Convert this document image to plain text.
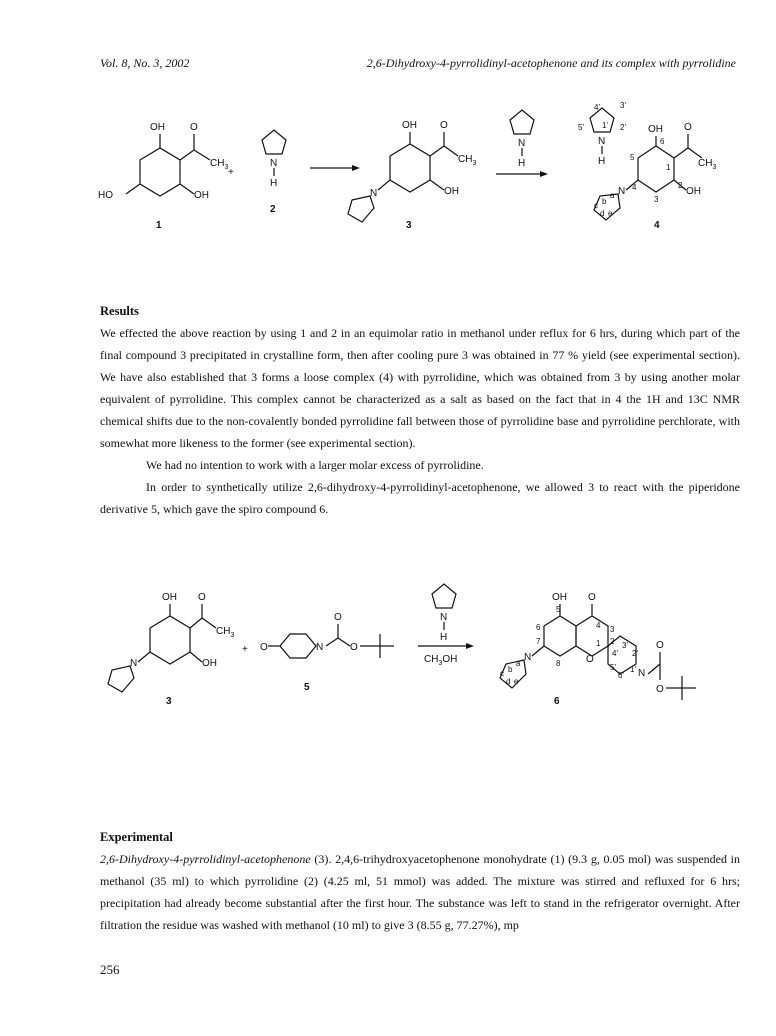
Vol. 8, No. 3, 2002	2,6-Dihydroxy-4-pyrrolidinyl-acetophenone and its complex with pyrrolidine
OH	O
$CH_3$
HO	OH
1
+
N
H
2
OH O
$CH_3$
OH
N
3
N
H
4'	3'
5' 1' 2'
N
H
OH
6
5
1
4
3
2
O
$CH_3$
OH
N
b
a
c
d e
4
Results
We effected the above reaction by using 1 and 2 in an equimolar ratio in methanol under reflux for 6 hrs, during which part of the final compound 3 precipitated in crystalline form, then after cooling pure 3 was obtained in 77 % yield (see experimental section). We have also established that 3 forms a loose complex (4) with pyrrolidine, which was obtained from 3 by using another molar equivalent of pyrrolidine. This complex cannot be characterized as a salt as based on the fact that in 4 the 1H and 13C NMR chemical shifts due to the non-covalently bonded pyrrolidine fall between those of pyrrolidine base and pyrrolidine perchlorate, with somewhat more likeness to the former (see experimental section).
We had no intention to work with a larger molar excess of pyrrolidine.
In order to synthetically utilize 2,6-dihydroxy-4-pyrrolidinyl-acetophenone, we allowed 3 to react with the piperidone derivative 5, which gave the spiro compound 6.
OH O
$CH_3$
OH
N
3
+ O	N
O
O
5
N
H
$CH_3OH$
OH O
5
4 3
2
1
6
7
8	O
4'
3'
2'
1'
5'
6' N
O
O
N
b
a
c
d e
6
Experimental
2,6-Dihydroxy-4-pyrrolidinyl-acetophenone (3). 2,4,6-trihydroxyacetophenone monohydrate (1) (9.3 g, 0.05 mol) was suspended in methanol (35 ml) to which pyrrolidine (2) (4.25 ml, 51 mmol) was added. The mixture was stirred and refluxed for 6 hrs; precipitation had already become substantial after the first hour. The substance was left to stand in the refrigerator overnight. After filtration the residue was washed with methanol (10 ml) to give 3 (8.55 g, 77.27%), mp
256
